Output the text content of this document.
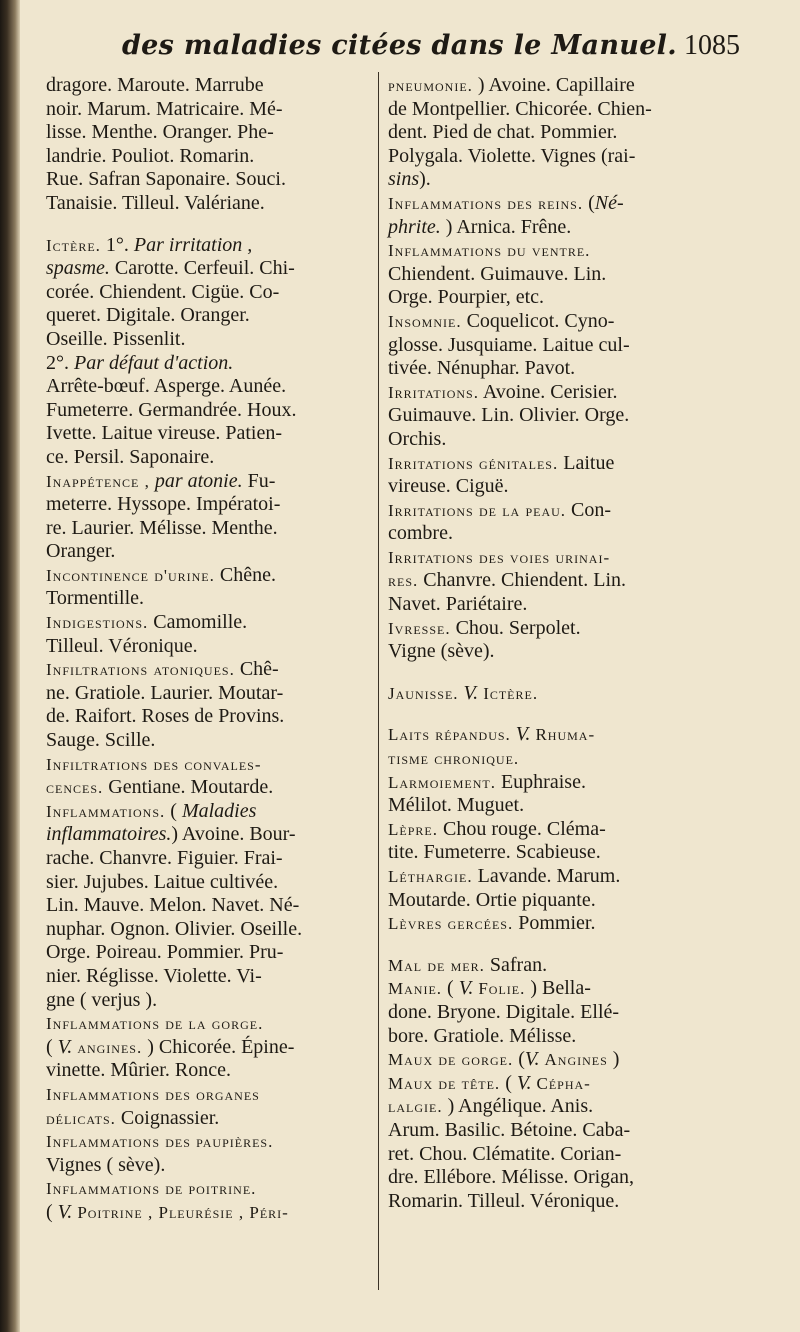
des maladies citées dans le Manuel. 1085
dragore. Maroute. Marrube
noir. Marum. Matricaire. Mé-
lisse. Menthe. Oranger. Phe-
landrie. Pouliot. Romarin.
Rue. Safran Saponaire. Souci.
Tanaisie. Tilleul. Valériane.
Ictère. 1°. Par irritation ,
spasme. Carotte. Cerfeuil. Chi-
corée. Chiendent. Cigüe. Co-
queret. Digitale. Oranger.
Oseille. Pissenlit.
2°. Par défaut d'action.
Arrête-bœuf. Asperge. Aunée.
Fumeterre. Germandrée. Houx.
Ivette. Laitue vireuse. Patien-
ce. Persil. Saponaire.
Inappétence , par atonie. Fu-
meterre. Hyssope. Impératoi-
re. Laurier. Mélisse. Menthe.
Oranger.
Incontinence d'urine. Chêne.
Tormentille.
Indigestions. Camomille.
Tilleul. Véronique.
Infiltrations atoniques. Chê-
ne. Gratiole. Laurier. Moutar-
de. Raifort. Roses de Provins.
Sauge. Scille.
Infiltrations des convales-
cences. Gentiane. Moutarde.
Inflammations. ( Maladies
inflammatoires.) Avoine. Bour-
rache. Chanvre. Figuier. Frai-
sier. Jujubes. Laitue cultivée.
Lin. Mauve. Melon. Navet. Né-
nuphar. Ognon. Olivier. Oseille.
Orge. Poireau. Pommier. Pru-
nier. Réglisse. Violette. Vi-
gne ( verjus ).
Inflammations de la gorge.
( V. angines. ) Chicorée. Épine-
vinette. Mûrier. Ronce.
Inflammations des organes
délicats. Coignassier.
Inflammations des paupières.
Vignes ( sève).
Inflammations de poitrine.
( V. Poitrine , Pleurésie , Péri-
pneumonie. ) Avoine. Capillaire
de Montpellier. Chicorée. Chien-
dent. Pied de chat. Pommier.
Polygala. Violette. Vignes (rai-
sins).
Inflammations des reins. (Né-
phrite. ) Arnica. Frêne.
Inflammations du ventre.
Chiendent. Guimauve. Lin.
Orge. Pourpier, etc.
Insomnie. Coquelicot. Cyno-
glosse. Jusquiame. Laitue cul-
tivée. Nénuphar. Pavot.
Irritations. Avoine. Cerisier.
Guimauve. Lin. Olivier. Orge.
Orchis.
Irritations génitales. Laitue
vireuse. Ciguë.
Irritations de la peau. Con-
combre.
Irritations des voies urinai-
res. Chanvre. Chiendent. Lin.
Navet. Pariétaire.
Ivresse. Chou. Serpolet.
Vigne (sève).
Jaunisse. V. Ictère.
Laits répandus. V. Rhuma-
tisme chronique.
Larmoiement. Euphraise.
Mélilot. Muguet.
Lèpre. Chou rouge. Cléma-
tite. Fumeterre. Scabieuse.
Léthargie. Lavande. Marum.
Moutarde. Ortie piquante.
Lèvres gercées. Pommier.
Mal de mer. Safran.
Manie. ( V. Folie. ) Bella-
done. Bryone. Digitale. Ellé-
bore. Gratiole. Mélisse.
Maux de gorge. (V. Angines )
Maux de tête. ( V. Cépha-
lalgie. ) Angélique. Anis.
Arum. Basilic. Bétoine. Caba-
ret. Chou. Clématite. Corian-
dre. Ellébore. Mélisse. Origan,
Romarin. Tilleul. Véronique.
